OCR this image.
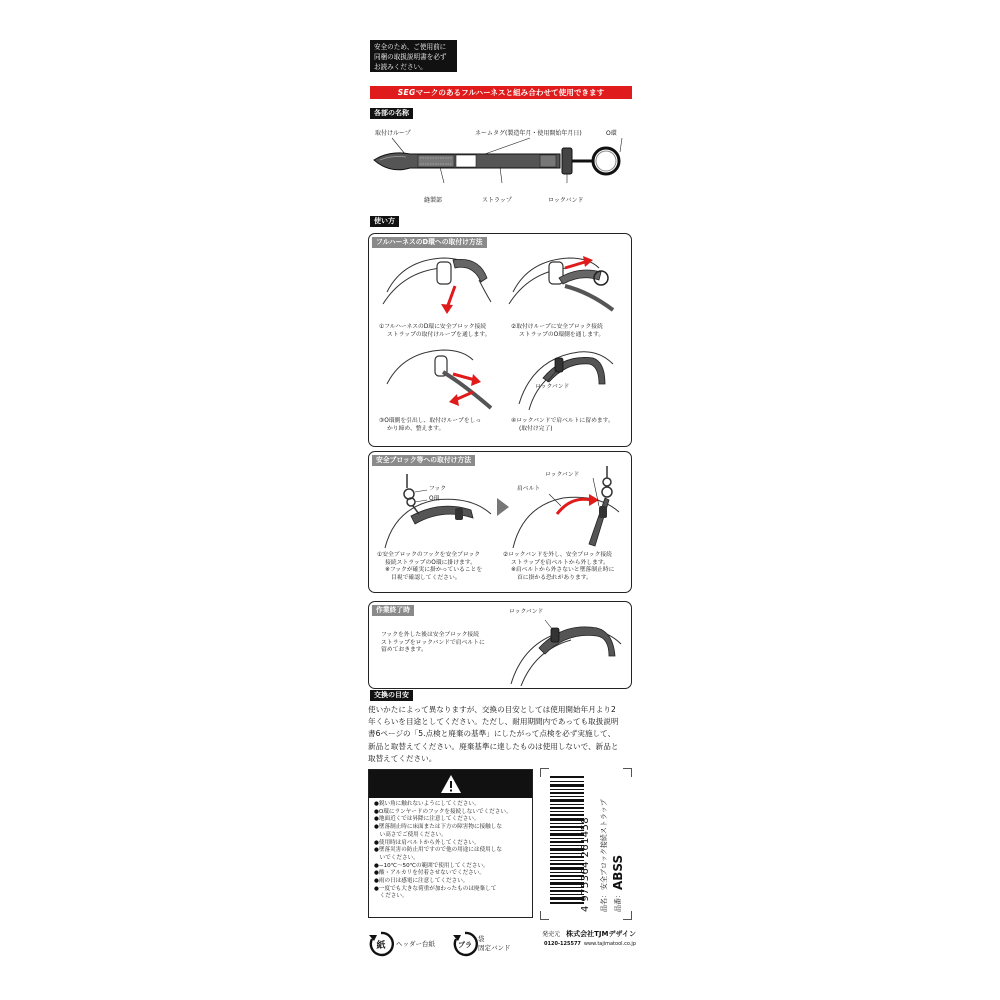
安全のため、ご使用前に
同梱の取扱説明書を必ず
お読みください。
SEGマークのあるフルハーネスと組み合わせて使用できます
各部の名称
取付けループ	ネームタグ(製造年月・使用開始年月日)	O環
縫製部	ストラップ	ロックバンド
使い方
フルハーネスのD環への取付け方法
①フルハーネスのD環に安全ブロック接続
ストラップの取付けループを通します。
②取付けループに安全ブロック接続
ストラップのO環側を通します。
ロックバンド
③O環側を引出し、取付けループをしっ
かり締め、整えます。
④ロックバンドで肩ベルトに留めます。
(取付け完了)
安全ブロック等への取付け方法
フック
O環
ロックバンド
肩ベルト
①安全ブロックのフックを安全ブロック
接続ストラップのO環に掛けます。
※フックが確実に掛かっていることを
目視で確認してください。
②ロックバンドを外し、安全ブロック接続
ストラップを肩ベルトから外します。
※肩ベルトから外さないと墜落制止時に
首に掛かる恐れがあります。
作業終了時
フックを外した後は安全ブロック接続
ストラップをロックバンドで肩ベルトに
留めておきます。
ロックバンド
交換の目安
使いかたによって異なりますが、交換の目安としては使用開始年月より2
年くらいを目途としてください。ただし、耐用期間内であっても取扱説明
書6ページの「5.点検と廃棄の基準」にしたがって点検を必ず実施して、
新品と取替えてください。廃棄基準に達したものは使用しないで、新品と
取替えてください。
●鋭い角に触れないようにしてください。
●O環にランヤードのフックを接続しないでください。
●地面近くでは昇降に注意してください。
●墜落制止時に床面または下方の障害物に接触しな
　い高さでご使用ください。
●使用時は肩ベルトから外してください。
●墜落災害の防止用ですので他の用途には使用しな
　いでください。
●−10℃〜50℃の範囲で使用してください。
●酸・アルカリを付着させないでください。
●雨の日は感電に注意してください。
●一度でも大きな荷重が加わったものは廃棄して
　ください。	4 975364 261458 品名：
安全ブロック接続ストラップ
品番：
ABSS
紙 ヘッダー台紙	プラ
袋
固定バンド
発売元 株式会社TJMデザイン
0120-125577 www.tajimatool.co.jp
